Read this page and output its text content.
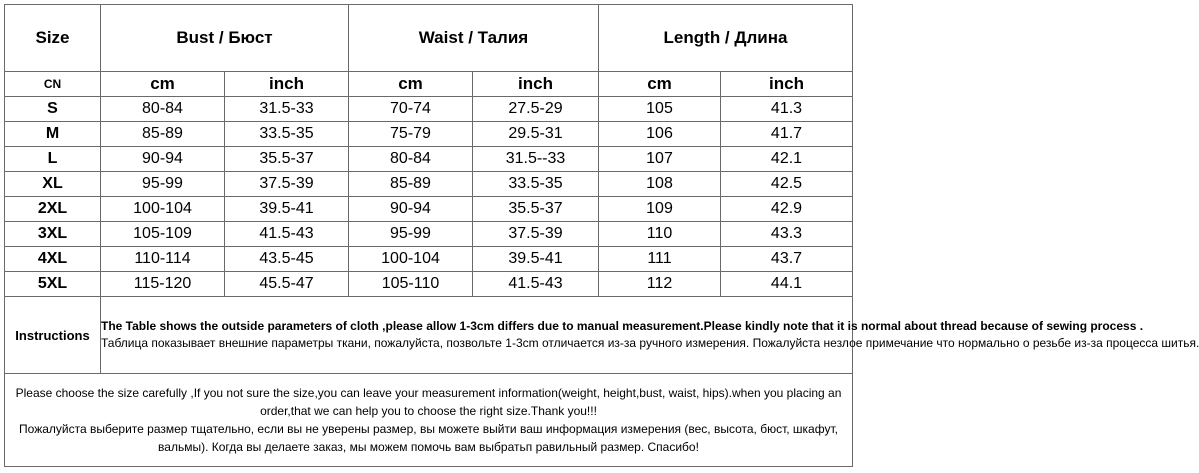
Size	Bust / Бюст		Waist / Талия		Length / Длина	
CN	cm	inch	cm	inch	cm	inch
S	80-84	31.5-33	70-74	27.5-29	105	41.3
M	85-89	33.5-35	75-79	29.5-31	106	41.7
L	90-94	35.5-37	80-84	31.5--33	107	42.1
XL	95-99	37.5-39	85-89	33.5-35	108	42.5
2XL	100-104	39.5-41	90-94	35.5-37	109	42.9
3XL	105-109	41.5-43	95-99	37.5-39	110	43.3
4XL	110-114	43.5-45	100-104	39.5-41	111	43.7
5XL	115-120	45.5-47	105-110	41.5-43	112	44.1
Instructions	The Table shows the outside parameters of cloth ,please allow 1-3cm differs due to manual measurement.Please kindly note that it is normal about thread because of sewing process .
Таблица показывает внешние параметры ткани, пожалуйста, позвольте 1-3cm отличается из-за ручного измерения. Пожалуйста незлое примечание что нормально о резьбе из-за процесса шитья.					

Please choose the size carefully ,If you not sure the size,you can leave your measurement information(weight, height,bust, waist, hips).when you placing an order,that we can help you to choose the right size.Thank you!!!
Пожалуйста выберите размер тщательно, если вы не уверены размер, вы можете выйти ваш информация измерения (вес, высота, бюст, шкафут, вальмы). Когда вы делаете заказ, мы можем помочь вам выбратьп равильный размер. Спасибо!						
